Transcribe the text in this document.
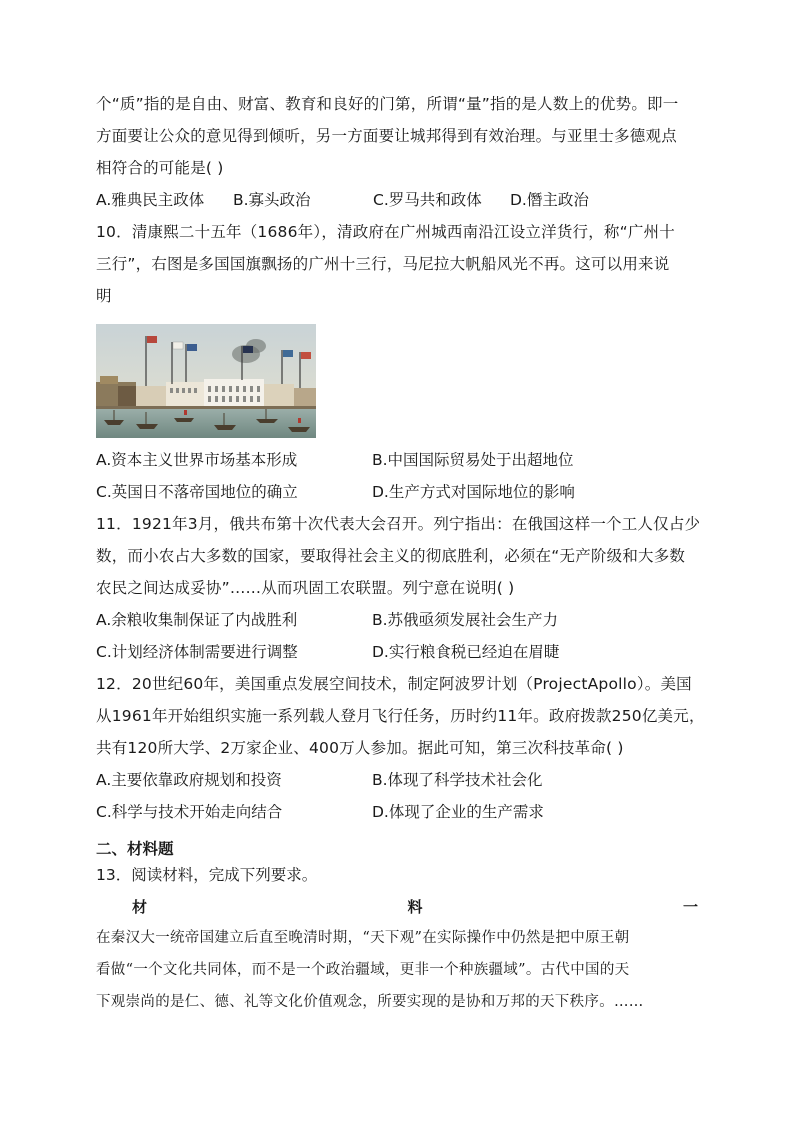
个“质”指的是自由、财富、教育和良好的门第，所谓“量”指的是人数上的优势。即一
方面要让公众的意见得到倾听，另一方面要让城邦得到有效治理。与亚里士多德观点
相符合的可能是( )
A.雅典民主政体	B.寡头政治	C.罗马共和政体	D.僭主政治
10．清康熙二十五年（1686年），清政府在广州城西南沿江设立洋货行，称“广州十
三行”，右图是多国国旗飘扬的广州十三行，马尼拉大帆船风光不再。这可以用来说
明
A.资本主义世界市场基本形成	B.中国国际贸易处于出超地位
C.英国日不落帝国地位的确立	D.生产方式对国际地位的影响
11．1921年3月，俄共布第十次代表大会召开。列宁指出：在俄国这样一个工人仅占少
数，而小农占大多数的国家，要取得社会主义的彻底胜利，必须在“无产阶级和大多数
农民之间达成妥协”……从而巩固工农联盟。列宁意在说明( )
A.余粮收集制保证了内战胜利	B.苏俄亟须发展社会生产力
C.计划经济体制需要进行调整	D.实行粮食税已经迫在眉睫
12．20世纪60年，美国重点发展空间技术，制定阿波罗计划（ProjectApollo）。美国
从1961年开始组织实施一系列载人登月飞行任务，历时约11年。政府拨款250亿美元，
共有120所大学、2万家企业、400万人参加。据此可知，第三次科技革命( )
A.主要依靠政府规划和投资	B.体现了科学技术社会化
C.科学与技术开始走向结合	D.体现了企业的生产需求
二、材料题
13．阅读材料，完成下列要求。
材	料	一
在秦汉大一统帝国建立后直至晚清时期，“天下观”在实际操作中仍然是把中原王朝
看做“一个文化共同体，而不是一个政治疆域，更非一个种族疆域”。古代中国的天
下观崇尚的是仁、德、礼等文化价值观念，所要实现的是协和万邦的天下秩序。……
